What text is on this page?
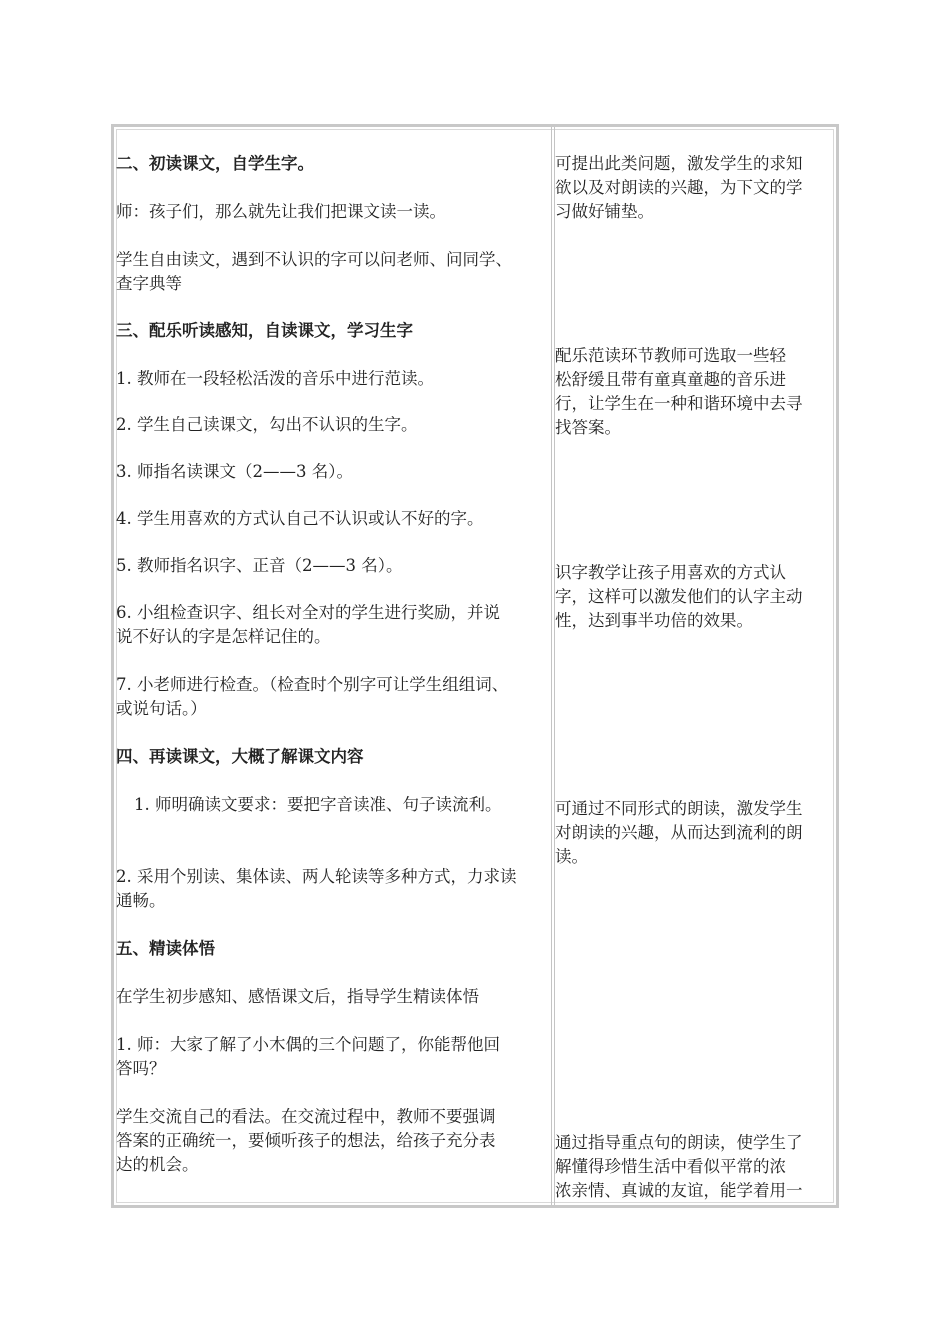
二、初读课文，自学生字。
师：孩子们，那么就先让我们把课文读一读。
学生自由读文，遇到不认识的字可以问老师、问同学、
查字典等
三、配乐听读感知，自读课文，学习生字
1. 教师在一段轻松活泼的音乐中进行范读。
2. 学生自己读课文，勾出不认识的生字。
3. 师指名读课文（2——3 名）。
4. 学生用喜欢的方式认自己不认识或认不好的字。
5. 教师指名识字、正音（2——3 名）。
6. 小组检查识字、组长对全对的学生进行奖励，并说
说不好认的字是怎样记住的。
7. 小老师进行检查。（检查时个别字可让学生组组词、
或说句话。）
四、再读课文，大概了解课文内容
1. 师明确读文要求：要把字音读准、句子读流利。
2. 采用个别读、集体读、两人轮读等多种方式，力求读
通畅。
五、精读体悟
在学生初步感知、感悟课文后，指导学生精读体悟
1. 师：大家了解了小木偶的三个问题了，你能帮他回
答吗？
学生交流自己的看法。在交流过程中，教师不要强调
答案的正确统一，要倾听孩子的想法，给孩子充分表
达的机会。
可提出此类问题，激发学生的求知
欲以及对朗读的兴趣，为下文的学
习做好铺垫。
配乐范读环节教师可选取一些轻
松舒缓且带有童真童趣的音乐进
行，让学生在一种和谐环境中去寻
找答案。
识字教学让孩子用喜欢的方式认
字，这样可以激发他们的认字主动
性，达到事半功倍的效果。
可通过不同形式的朗读，激发学生
对朗读的兴趣，从而达到流利的朗
读。
通过指导重点句的朗读，使学生了
解懂得珍惜生活中看似平常的浓
浓亲情、真诚的友谊，能学着用一
